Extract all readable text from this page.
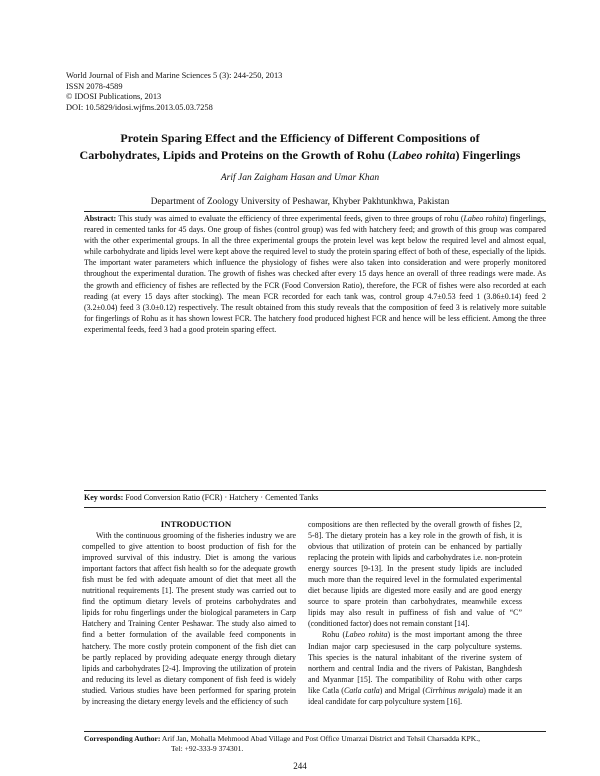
World Journal of Fish and Marine Sciences 5 (3): 244-250, 2013
ISSN 2078-4589
© IDOSI Publications, 2013
DOI: 10.5829/idosi.wjfms.2013.05.03.7258
Protein Sparing Effect and the Efficiency of Different Compositions of
Carbohydrates, Lipids and Proteins on the Growth of Rohu (Labeo rohita) Fingerlings
Arif Jan Zaigham Hasan and Umar Khan
Department of Zoology University of Peshawar, Khyber Pakhtunkhwa, Pakistan
Abstract: This study was aimed to evaluate the efficiency of three experimental feeds, given to three groups of rohu (Labeo rohita) fingerlings, reared in cemented tanks for 45 days. One group of fishes (control group) was fed with hatchery feed; and growth of this group was compared with the other experimental groups. In all the three experimental groups the protein level was kept below the required level and almost equal, while carbohydrate and lipids level were kept above the required level to study the protein sparing effect of both of these, especially of the lipids. The important water parameters which influence the physiology of fishes were also taken into consideration and were properly monitored throughout the experimental duration. The growth of fishes was checked after every 15 days hence an overall of three readings were made. As the growth and efficiency of fishes are reflected by the FCR (Food Conversion Ratio), therefore, the FCR of fishes were also recorded at each reading (at every 15 days after stocking). The mean FCR recorded for each tank was, control group 4.7±0.53 feed 1 (3.86±0.14) feed 2 (3.2±0.04) feed 3 (3.0±0.12) respectively. The result obtained from this study reveals that the composition of feed 3 is relatively more suitable for fingerlings of Rohu as it has shown lowest FCR. The hatchery food produced highest FCR and hence will be less efficient. Among the three experimental feeds, feed 3 had a good protein sparing effect.
Key words: Food Conversion Ratio (FCR) · Hatchery · Cemented Tanks

INTRODUCTION

With the continuous grooming of the fisheries industry we are compelled to give attention to boost production of fish for the improved survival of this industry. Diet is among the various important factors that affect fish health so for the adequate growth fish must be fed with adequate amount of diet that meet all the nutritional requirements [1]. The present study was carried out to find the optimum dietary levels of proteins carbohydrates and lipids for rohu fingerlings under the biological parameters in Carp Hatchery and Training Center Peshawar. The study also aimed to find a better formulation of the available feed components in hatchery. The more costly protein component of the fish diet can be partly replaced by providing adequate energy through dietary lipids and carbohydrates [2-4]. Improving the utilization of protein and reducing its level as dietary component of fish feed is widely studied. Various studies have been performed for sparing protein by increasing the dietary energy levels and the efficiency of such

compositions are then reflected by the overall growth of fishes [2, 5-8]. The dietary protein has a key role in the growth of fish, it is obvious that utilization of protein can be enhanced by partially replacing the protein with lipids and carbohydrates i.e. non-protein energy sources [9-13]. In the present study lipids are included much more than the required level in the formulated experimental diet because lipids are digested more easily and are good energy source to spare protein than carbohydrates, meanwhile excess lipids may also result in puffiness of fish and value of “C” (conditioned factor) does not remain constant [14].

Rohu (Labeo rohita) is the most important among the three Indian major carp speciesused in the carp polyculture systems. This species is the natural inhabitant of the riverine system of northern and central India and the rivers of Pakistan, Banghdesh and Myanmar [15]. The compatibility of Rohu with other carps like Catla (Catla catla) and Mrigal (Cirrhinus mrigala) made it an ideal candidate for carp polyculture system [16].

Corresponding Author: Arif Jan, Mohalla Mehmood Abad Village and Post Office Umarzai District and Tehsil Charsadda KPK.,
Tel: +92-333-9 374301.
244
